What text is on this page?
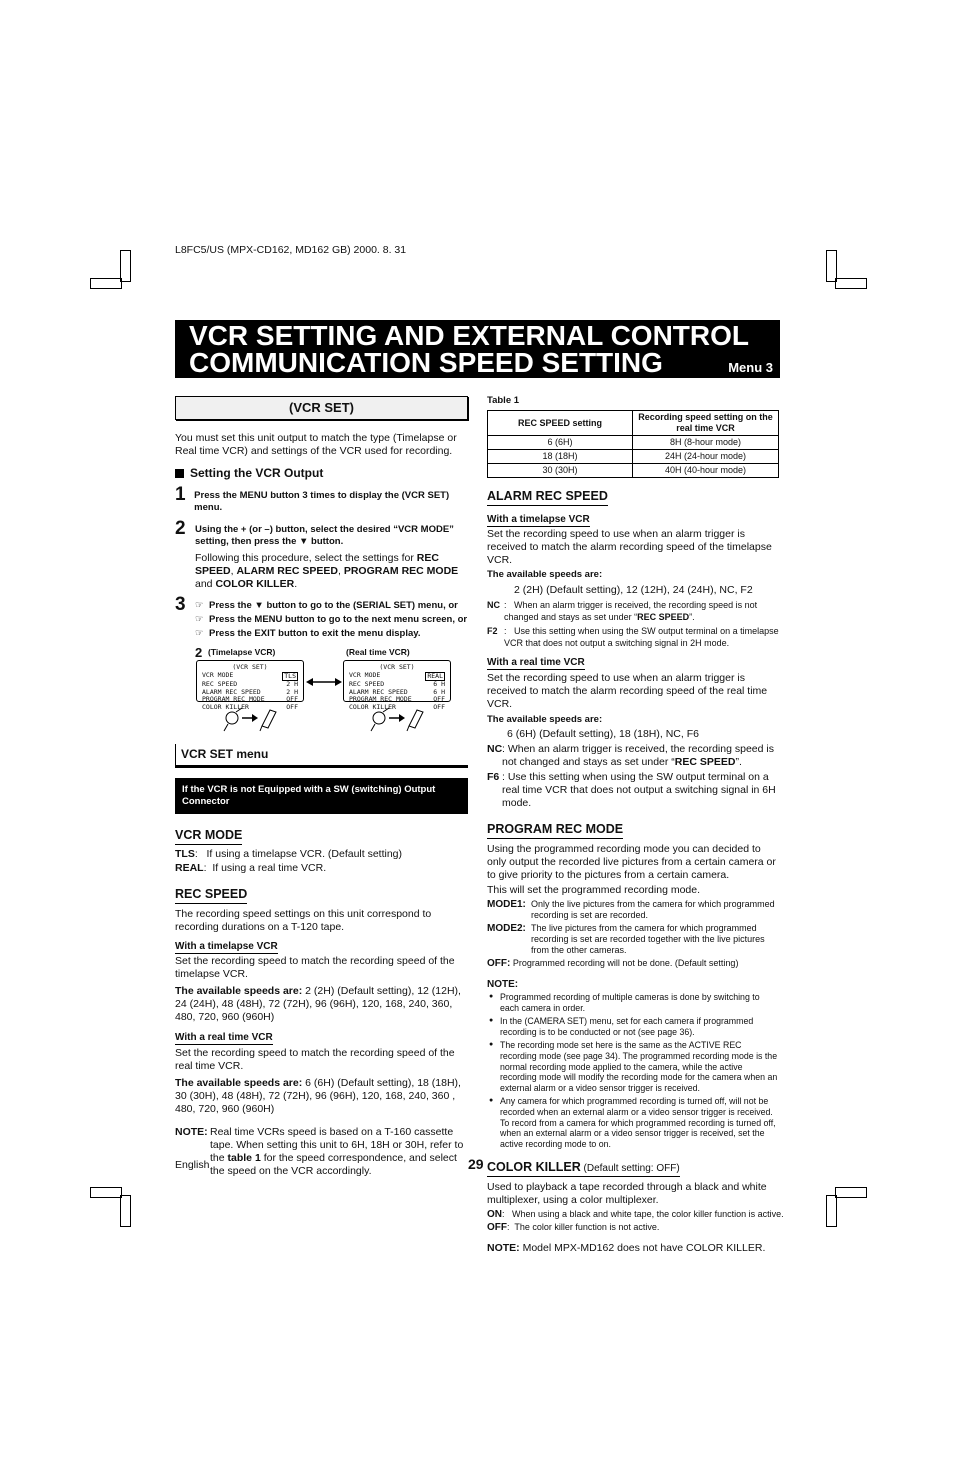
L8FC5/US (MPX-CD162, MD162 GB) 2000. 8. 31
VCR SETTING AND EXTERNAL CONTROL
COMMUNICATION SPEED SETTING	Menu 3
(VCR SET)
You must set this unit output to match the type (Timelapse or Real time VCR) and settings of the VCR used for recording.
Setting the VCR Output
1 Press the MENU button 3 times to display the (VCR SET) menu.
2 Using the + (or –) button, select the desired “VCR MODE” setting, then press the ▼ button.
Following this procedure, select the settings for REC SPEED, ALARM REC SPEED, PROGRAM REC MODE and COLOR KILLER.
3 ☞ Press the ▼ button to go to the (SERIAL SET) menu, or
☞ Press the MENU button to go to the next menu screen, or
☞ Press the EXIT button to exit the menu display.
2 (Timelapse VCR)	(Real time VCR)
(VCR SET)
VCR MODE	TLS
REC SPEED	2 H
ALARM REC SPEED	2 H
PROGRAM REC MODE	OFF
COLOR KILLER	OFF
(VCR SET)
VCR MODE	REAL
REC SPEED	6 H
ALARM REC SPEED	6 H
PROGRAM REC MODE	OFF
COLOR KILLER	OFF
VCR SET menu
If the VCR is not Equipped with a SW (switching) Output Connector
VCR MODE
TLS:   If using a timelapse VCR. (Default setting)
REAL:  If using a real time VCR.
REC SPEED
The recording speed settings on this unit correspond to recording durations on a T-120 tape.
With a timelapse VCR
Set the recording speed to match the recording speed of the timelapse VCR.
The available speeds are: 2 (2H) (Default setting), 12 (12H), 24 (24H), 48 (48H), 72 (72H), 96 (96H), 120, 168, 240, 360, 480, 720, 960 (960H)
With a real time VCR
Set the recording speed to match the recording speed of the real time VCR.
The available speeds are: 6 (6H) (Default setting), 18 (18H), 30 (30H), 48 (48H), 72 (72H), 96 (96H), 120, 168, 240, 360 , 480, 720, 960 (960H)
NOTE: Real time VCRs speed is based on a T-160 cassette tape. When setting this unit to 6H, 18H or 30H, refer to the table 1 for the speed correspondence, and select the speed on the VCR accordingly.
English	29
Table 1
REC SPEED setting	Recording speed setting on the real time VCR
6 (6H)	8H (8-hour mode)
18 (18H)	24H (24-hour mode)
30 (30H)	40H (40-hour mode)
ALARM REC SPEED
With a timelapse VCR
Set the recording speed to use when an alarm trigger is received to match the alarm recording speed of the timelapse VCR.
The available speeds are:
2 (2H) (Default setting), 12 (12H), 24 (24H), NC, F2
NC :   When an alarm trigger is received, the recording speed is not changed and stays as set under “REC SPEED”.
F2 :   Use this setting when using the SW output terminal on a timelapse VCR that does not output a switching signal in 2H mode.
With a real time VCR
Set the recording speed to use when an alarm trigger is received to match the alarm recording speed of the real time VCR.
The available speeds are:
6 (6H) (Default setting), 18 (18H), NC, F6
NC : When an alarm trigger is received, the recording speed is not changed and stays as set under “REC SPEED”.
F6 : Use this setting when using the SW output terminal on a real time VCR that does not output a switching signal in 6H mode.
PROGRAM REC MODE
Using the programmed recording mode you can decided to only output the recorded live pictures from a certain camera or to give priority to the pictures from a certain camera.
This will set the programmed recording mode.
MODE1: Only the live pictures from the camera for which programmed recording is set are recorded.
MODE2: The live pictures from the camera for which programmed recording is set are recorded together with the live pictures from the other cameras.
OFF: Programmed recording will not be done. (Default setting)
NOTE:
● Programmed recording of multiple cameras is done by switching to each camera in order.
● In the (CAMERA SET) menu, set for each camera if programmed recording is to be conducted or not (see page 36).
● The recording mode set here is the same as the ACTIVE REC recording mode (see page 34). The programmed recording mode is the normal recording mode applied to the camera, while the active recording mode will modify the recording mode for the camera when an external alarm or a video sensor trigger is received.
● Any camera for which programmed recording is turned off, will not be recorded when an external alarm or a video sensor trigger is received. To record from a camera for which programmed recording is turned off, when an external alarm or a video sensor trigger is received, set the active recording mode to on.
COLOR KILLER (Default setting: OFF)
Used to playback a tape recorded through a black and white multiplexer, using a color multiplexer.
ON:   When using a black and white tape, the color killer function is active.
OFF:  The color killer function is not active.
NOTE: Model MPX-MD162 does not have COLOR KILLER.
